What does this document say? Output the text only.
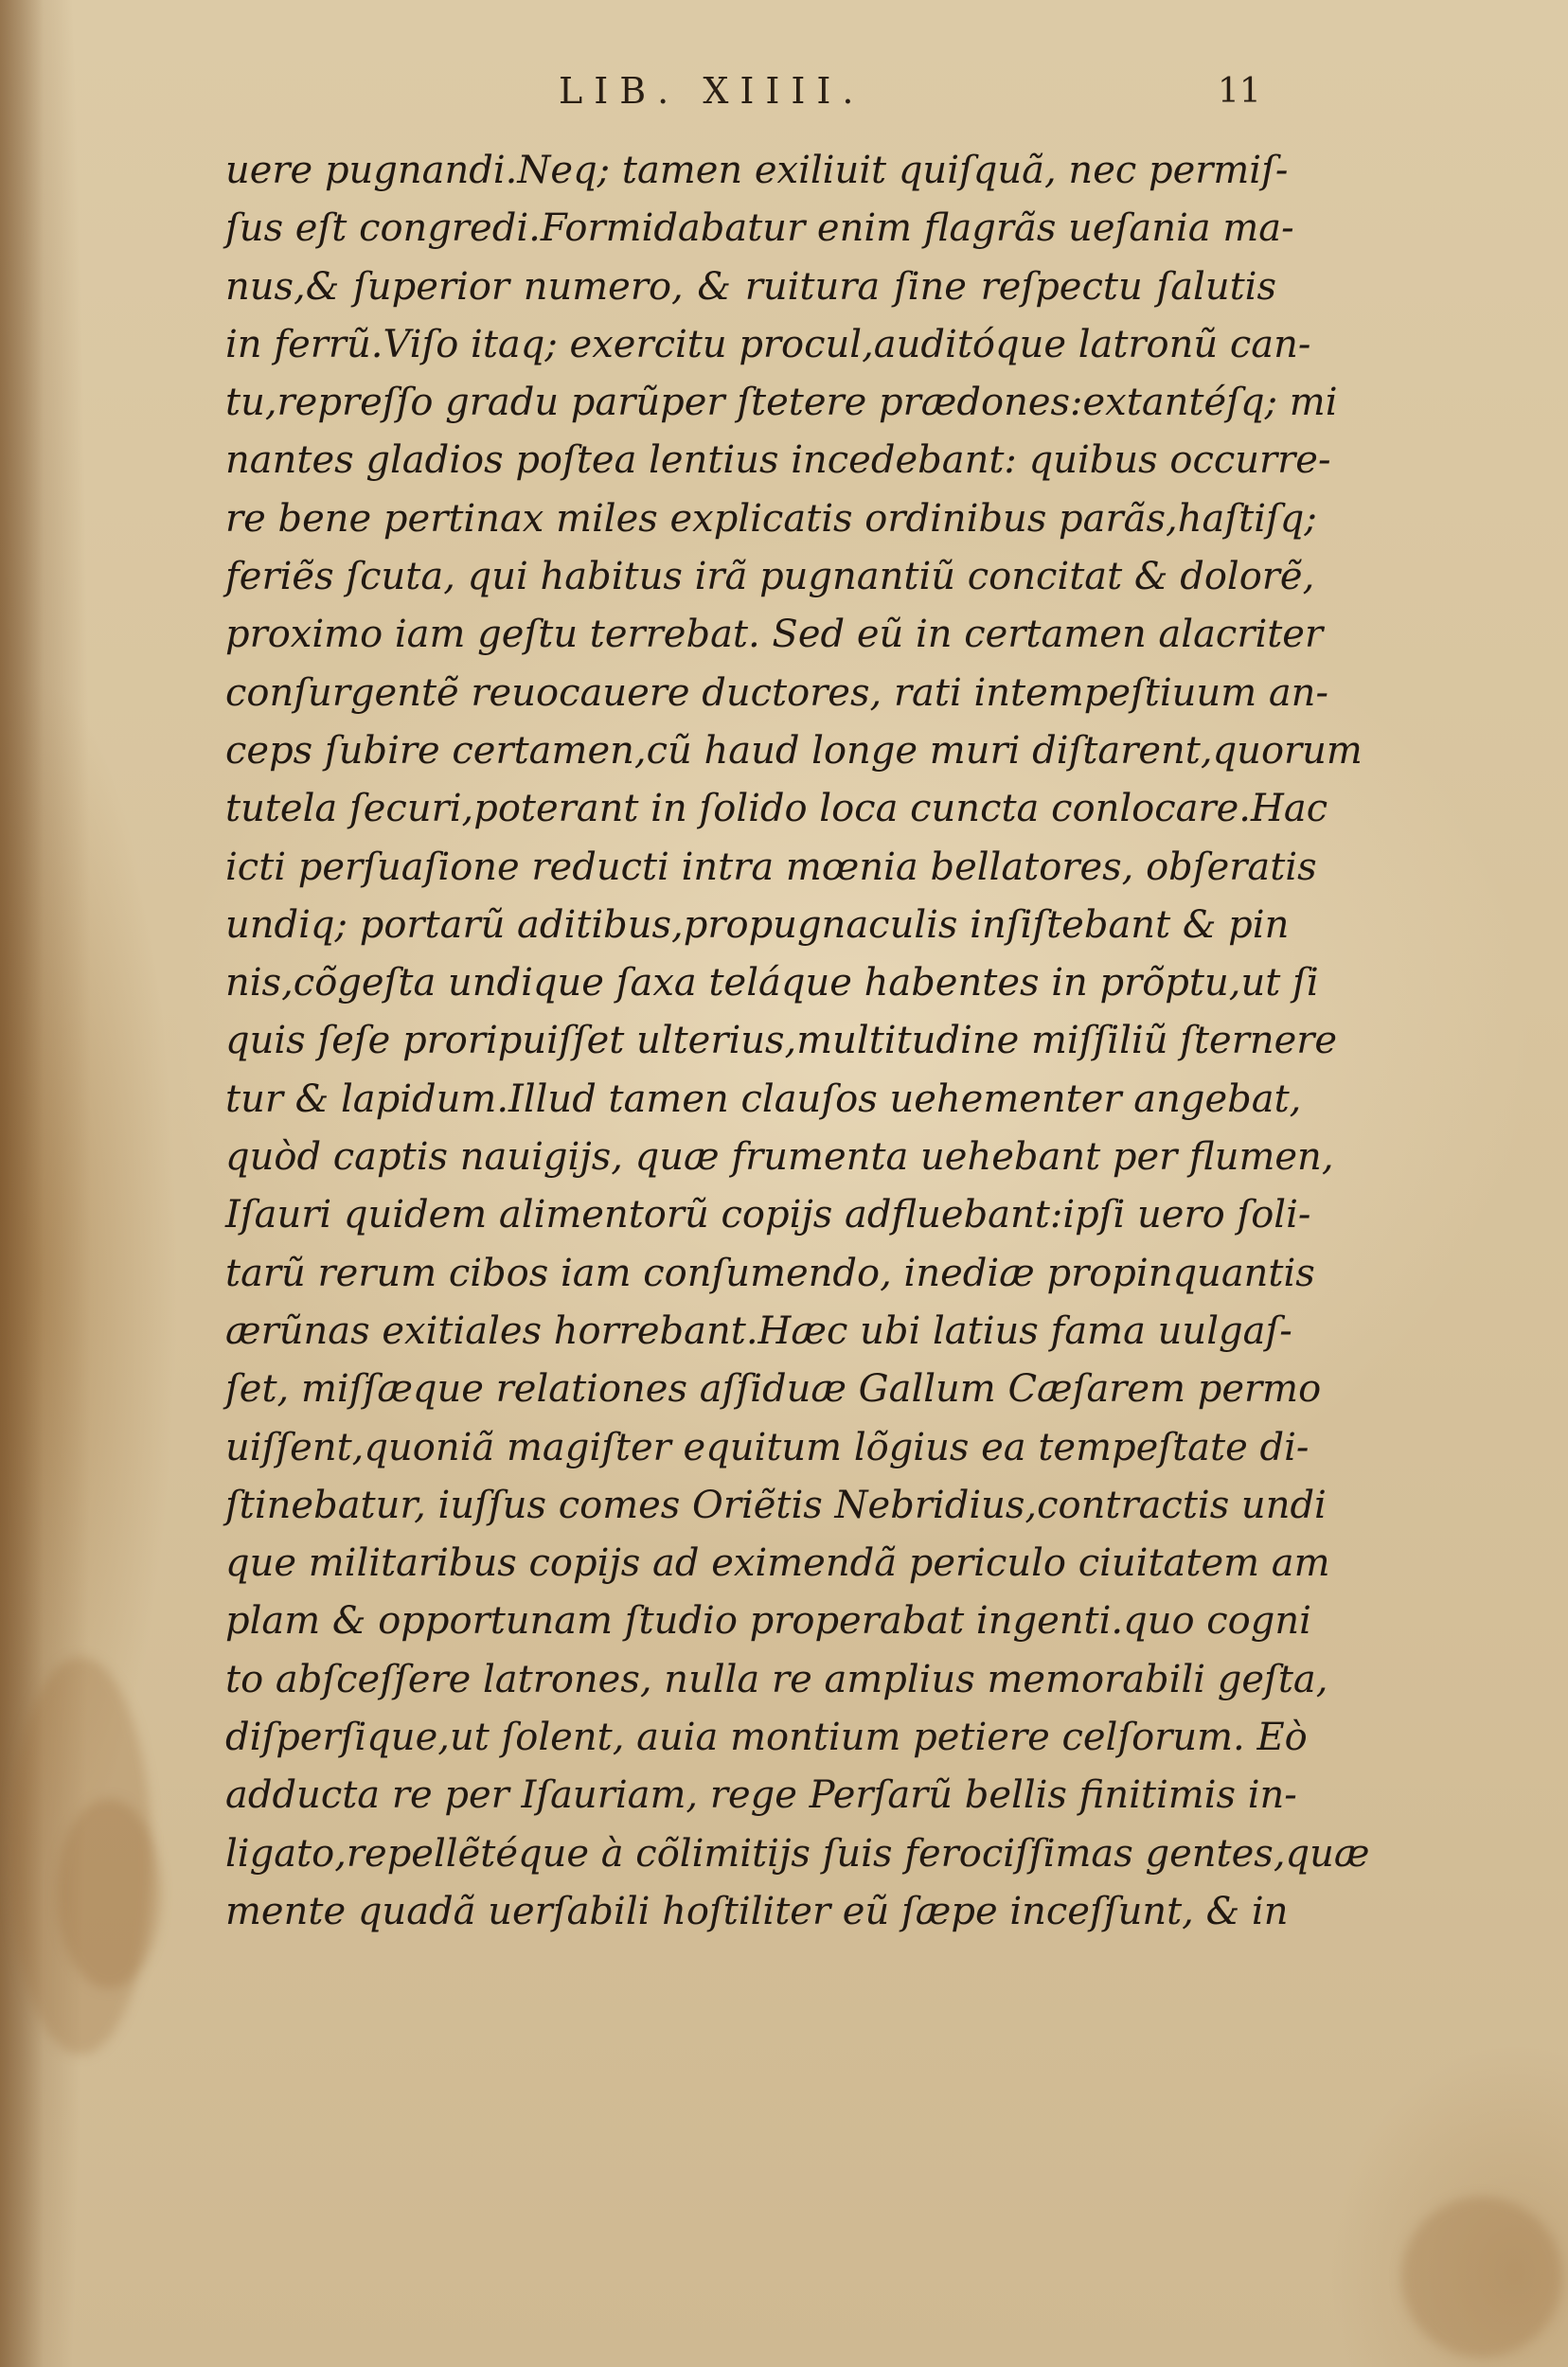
LIB. XIIII.	11
uere pugnandi.Neq; tamen exiliuit quiſquã, nec permiſ-
ſus eſt congredi.Formidabatur enim flagrãs ueſania ma-
nus,& ſuperior numero, & ruitura ſine reſpectu ſalutis
in ferrũ.Viſo itaq; exercitu procul,auditóque latronũ can-
tu,repreſſo gradu parũper ſtetere prædones:extantéſq; mi
nantes gladios poſtea lentius incedebant: quibus occurre-
re bene pertinax miles explicatis ordinibus parãs,haſtiſq;
feriẽs ſcuta, qui habitus irã pugnantiũ concitat & dolorẽ,
proximo iam geſtu terrebat. Sed eũ in certamen alacriter
conſurgentẽ reuocauere ductores, rati intempeſtiuum an-
ceps ſubire certamen,cũ haud longe muri diſtarent,quorum
tutela ſecuri,poterant in ſolido loca cuncta conlocare.Hac
icti perſuaſione reducti intra mœnia bellatores, obſeratis
undiq; portarũ aditibus,propugnaculis inſiſtebant & pin
nis,cõgeſta undique ſaxa teláque habentes in prõptu,ut ſi
quis ſeſe proripuiſſet ulterius,multitudine miſſiliũ ſternere
tur & lapidum.Illud tamen clauſos uehementer angebat,
quòd captis nauigijs, quæ frumenta uehebant per flumen,
Iſauri quidem alimentorũ copijs adfluebant:ipſi uero ſoli-
tarũ rerum cibos iam conſumendo, inediæ propinquantis
ærũnas exitiales horrebant.Hæc ubi latius fama uulgaſ-
ſet, miſſæque relationes aſſiduæ Gallum Cæſarem permo
uiſſent,quoniã magiſter equitum lõgius ea tempeſtate di-
ſtinebatur, iuſſus comes Oriẽtis Nebridius,contractis undi
que militaribus copijs ad eximendã periculo ciuitatem am
plam & opportunam ſtudio properabat ingenti.quo cogni
to abſceſſere latrones, nulla re amplius memorabili geſta,
diſperſique,ut ſolent, auia montium petiere celſorum. Eò
adducta re per Iſauriam, rege Perſarũ bellis finitimis in-
ligato,repellẽtéque à cõlimitijs ſuis ferociſſimas gentes,quæ
mente quadã uerſabili hoſtiliter eũ ſæpe inceſſunt, & in
